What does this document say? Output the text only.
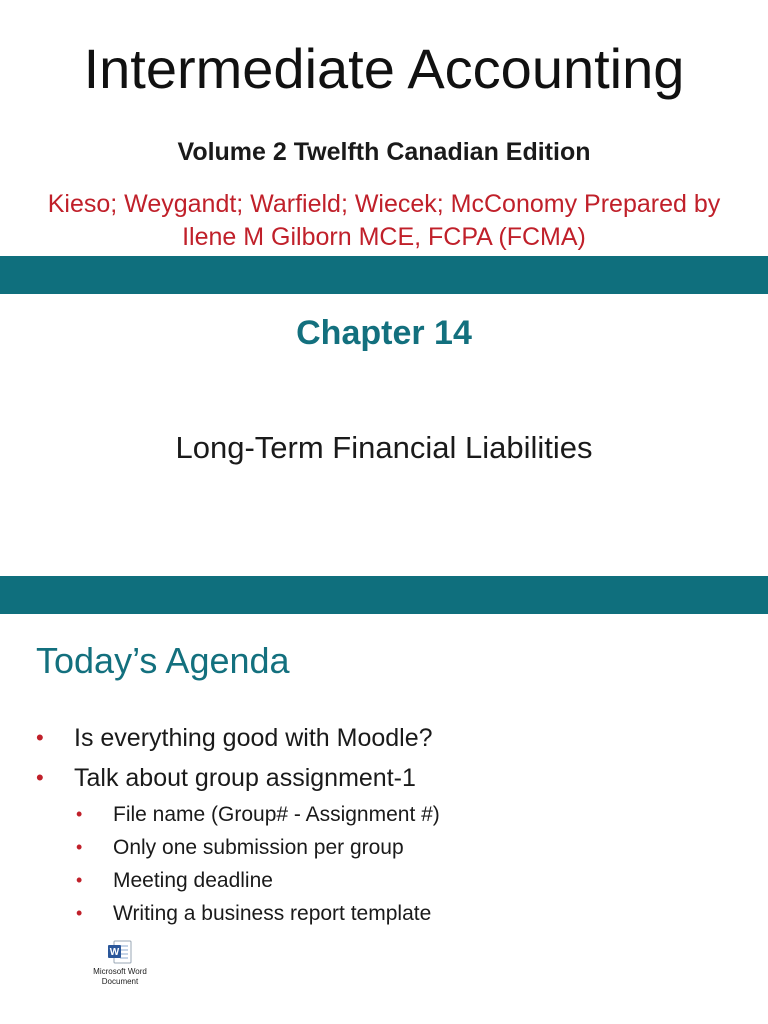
Intermediate Accounting
Volume 2 Twelfth Canadian Edition
Kieso; Weygandt; Warfield; Wiecek; McConomy Prepared by Ilene M Gilborn MCE, FCPA (FCMA)
Chapter 14
Long-Term Financial Liabilities
Today’s Agenda
• Is everything good with Moodle?
• Talk about group assignment-1
• File name (Group# - Assignment #)
• Only one submission per group
• Meeting deadline
• Writing a business report template
W
Microsoft Word Document
